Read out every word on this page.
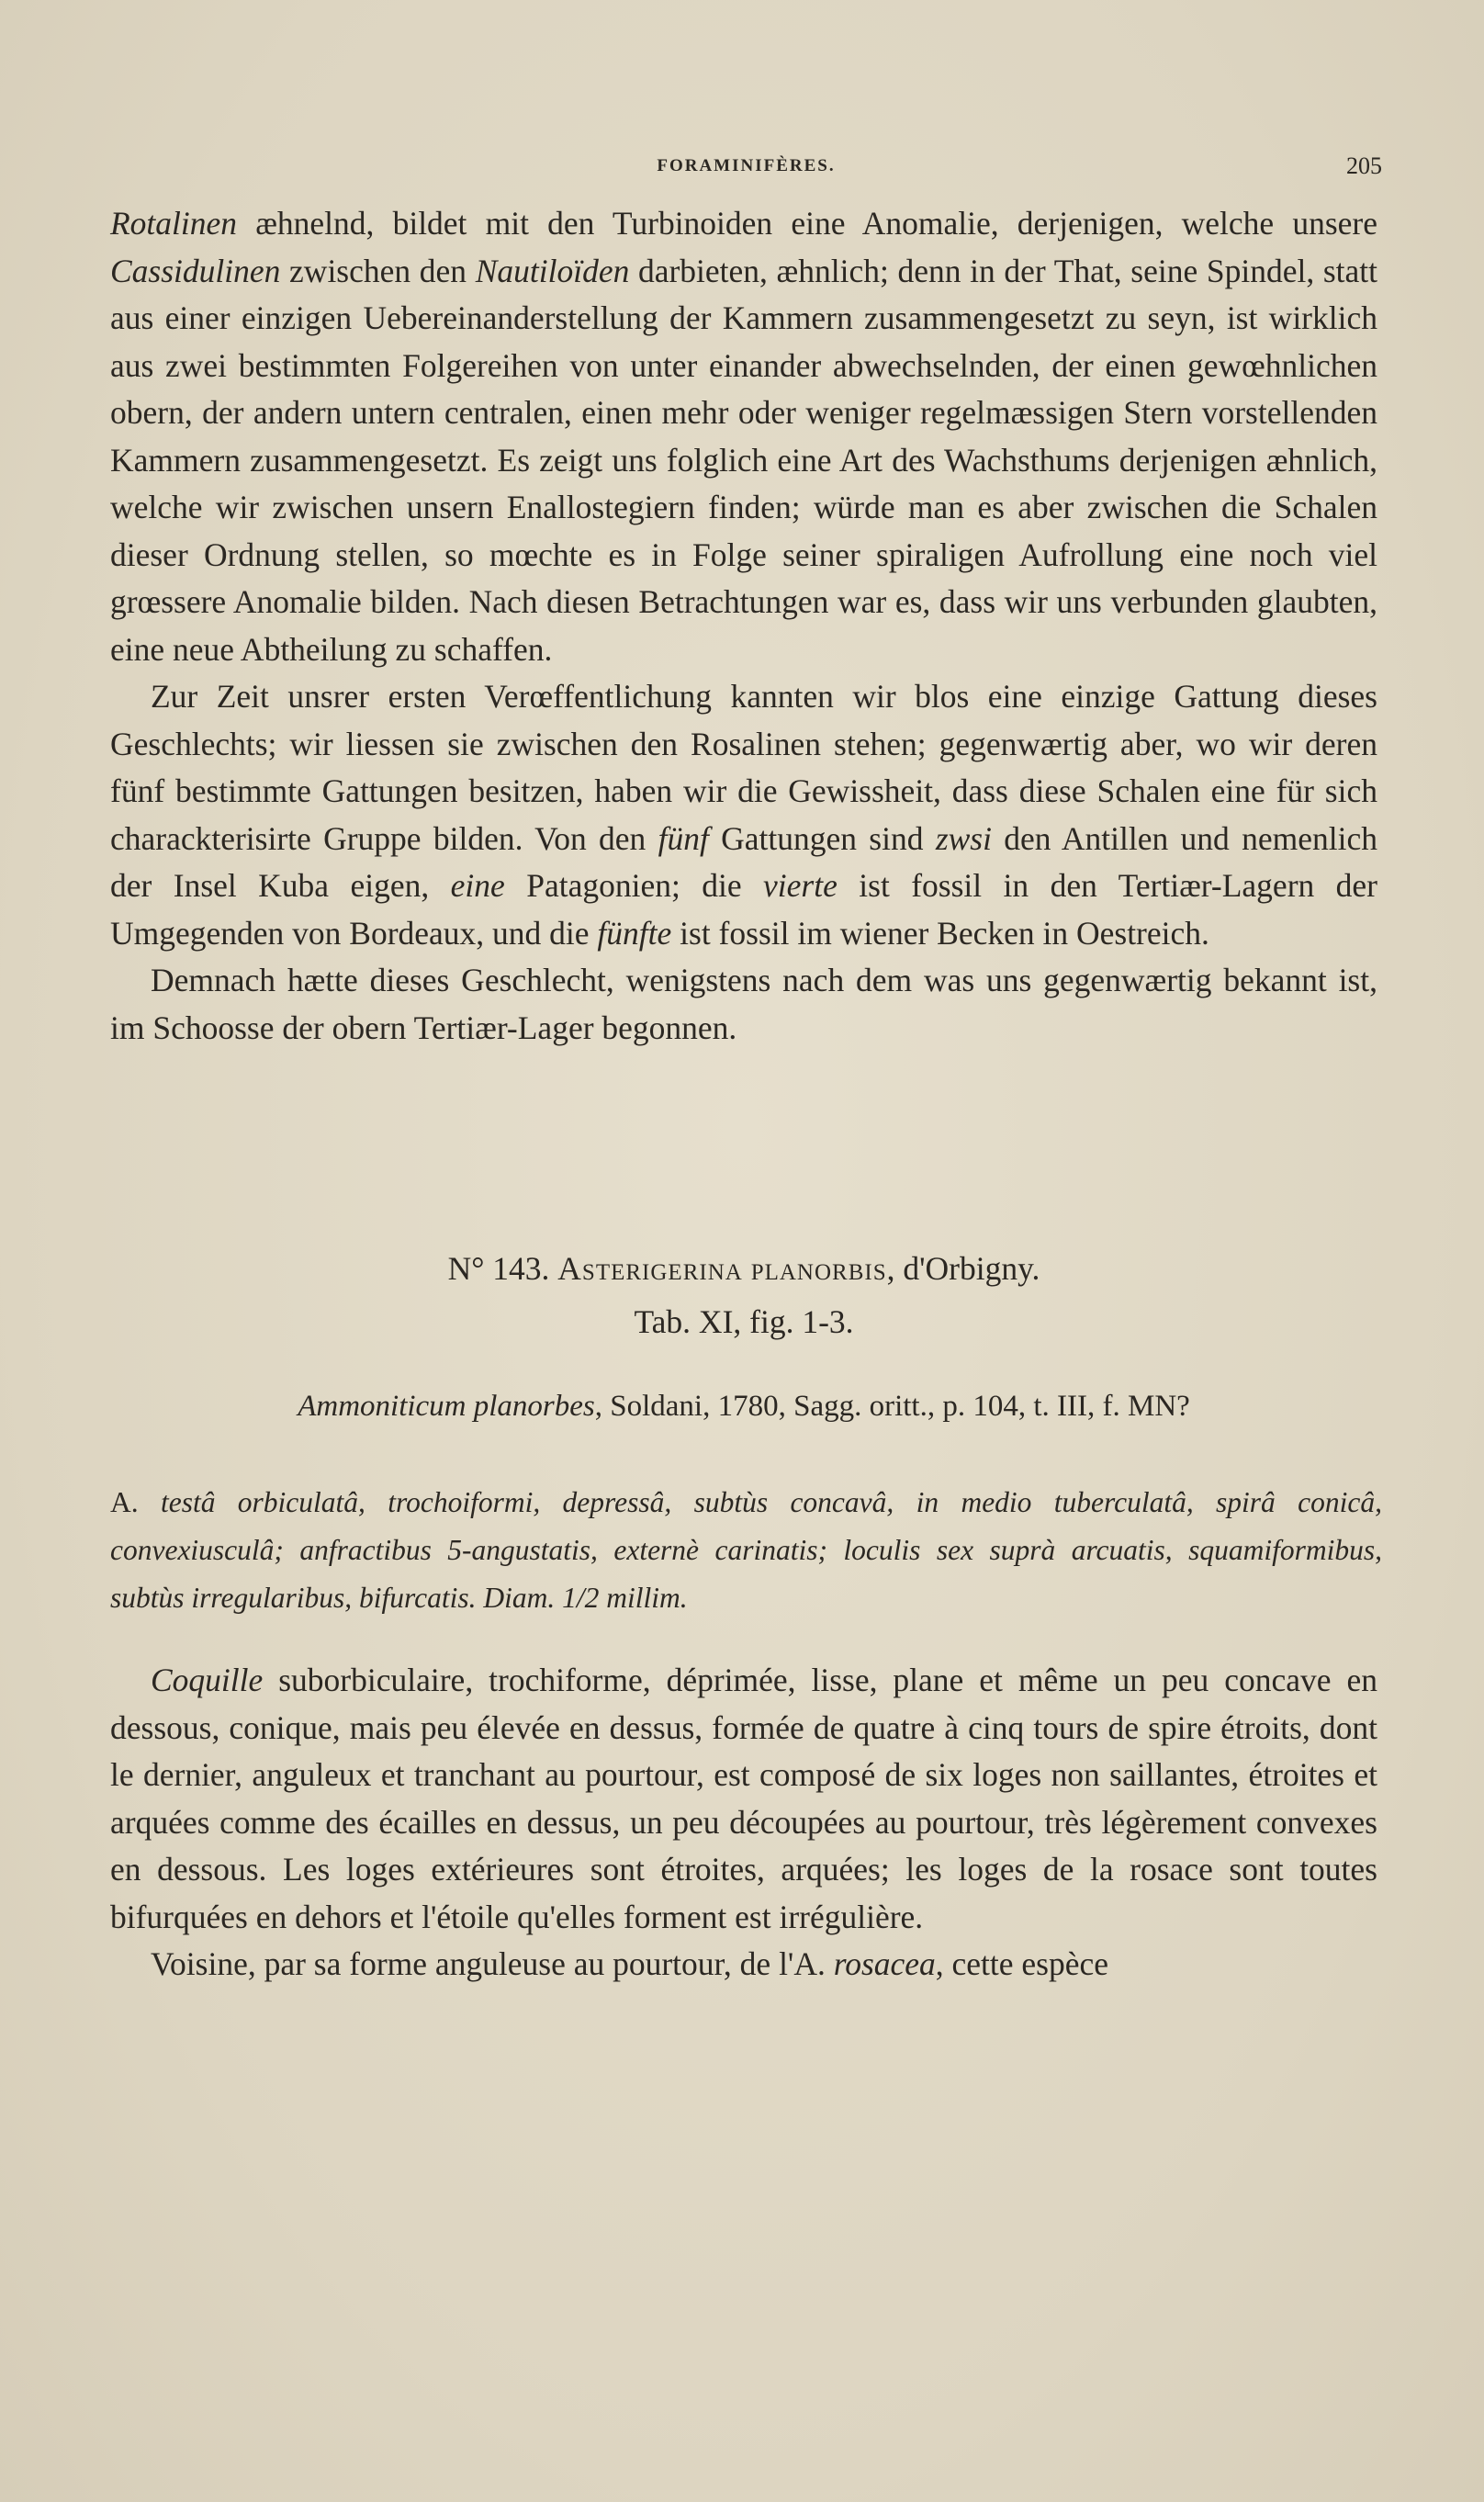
FORAMINIFÈRES.	205

Rotalinen æhnelnd, bildet mit den Turbinoiden eine Anomalie, derjenigen, welche unsere Cassidulinen zwischen den Nautiloïden darbieten, æhnlich; denn in der That, seine Spindel, statt aus einer einzigen Uebereinanderstellung der Kammern zusammengesetzt zu seyn, ist wirklich aus zwei bestimmten Folgereihen von unter einander abwechselnden, der einen gewœhnlichen obern, der andern untern centralen, einen mehr oder weniger regelmæssigen Stern vorstellenden Kammern zusammengesetzt. Es zeigt uns folglich eine Art des Wachsthums derjenigen æhnlich, welche wir zwischen unsern Enallostegiern finden; würde man es aber zwischen die Schalen dieser Ordnung stellen, so mœchte es in Folge seiner spiraligen Aufrollung eine noch viel grœssere Anomalie bilden. Nach diesen Betrachtungen war es, dass wir uns verbunden glaubten, eine neue Abtheilung zu schaffen.

Zur Zeit unsrer ersten Verœffentlichung kannten wir blos eine einzige Gattung dieses Geschlechts; wir liessen sie zwischen den Rosalinen stehen; gegenwærtig aber, wo wir deren fünf bestimmte Gattungen besitzen, haben wir die Gewissheit, dass diese Schalen eine für sich charackterisirte Gruppe bilden. Von den fünf Gattungen sind zwsi den Antillen und nemenlich der Insel Kuba eigen, eine Patagonien; die vierte ist fossil in den Tertiær-Lagern der Umgegenden von Bordeaux, und die fünfte ist fossil im wiener Becken in Oestreich.

Demnach hætte dieses Geschlecht, wenigstens nach dem was uns gegenwærtig bekannt ist, im Schoosse der obern Tertiær-Lager begonnen.

N° 143. Asterigerina planorbis, d'Orbigny.
Tab. XI, fig. 1-3.
Ammoniticum planorbes, Soldani, 1780, Sagg. oritt., p. 104, t. III, f. MN?
A. testâ orbiculatâ, trochoiformi, depressâ, subtùs concavâ, in medio tuberculatâ, spirâ conicâ, convexiusculâ; anfractibus 5-angustatis, externè carinatis; loculis sex suprà arcuatis, squamiformibus, subtùs irregularibus, bifurcatis. Diam. 1/2 millim.

Coquille suborbiculaire, trochiforme, déprimée, lisse, plane et même un peu concave en dessous, conique, mais peu élevée en dessus, formée de quatre à cinq tours de spire étroits, dont le dernier, anguleux et tranchant au pourtour, est composé de six loges non saillantes, étroites et arquées comme des écailles en dessus, un peu découpées au pourtour, très légèrement convexes en dessous. Les loges extérieures sont étroites, arquées; les loges de la rosace sont toutes bifurquées en dehors et l'étoile qu'elles forment est irrégulière.

Voisine, par sa forme anguleuse au pourtour, de l'A. rosacea, cette espèce
